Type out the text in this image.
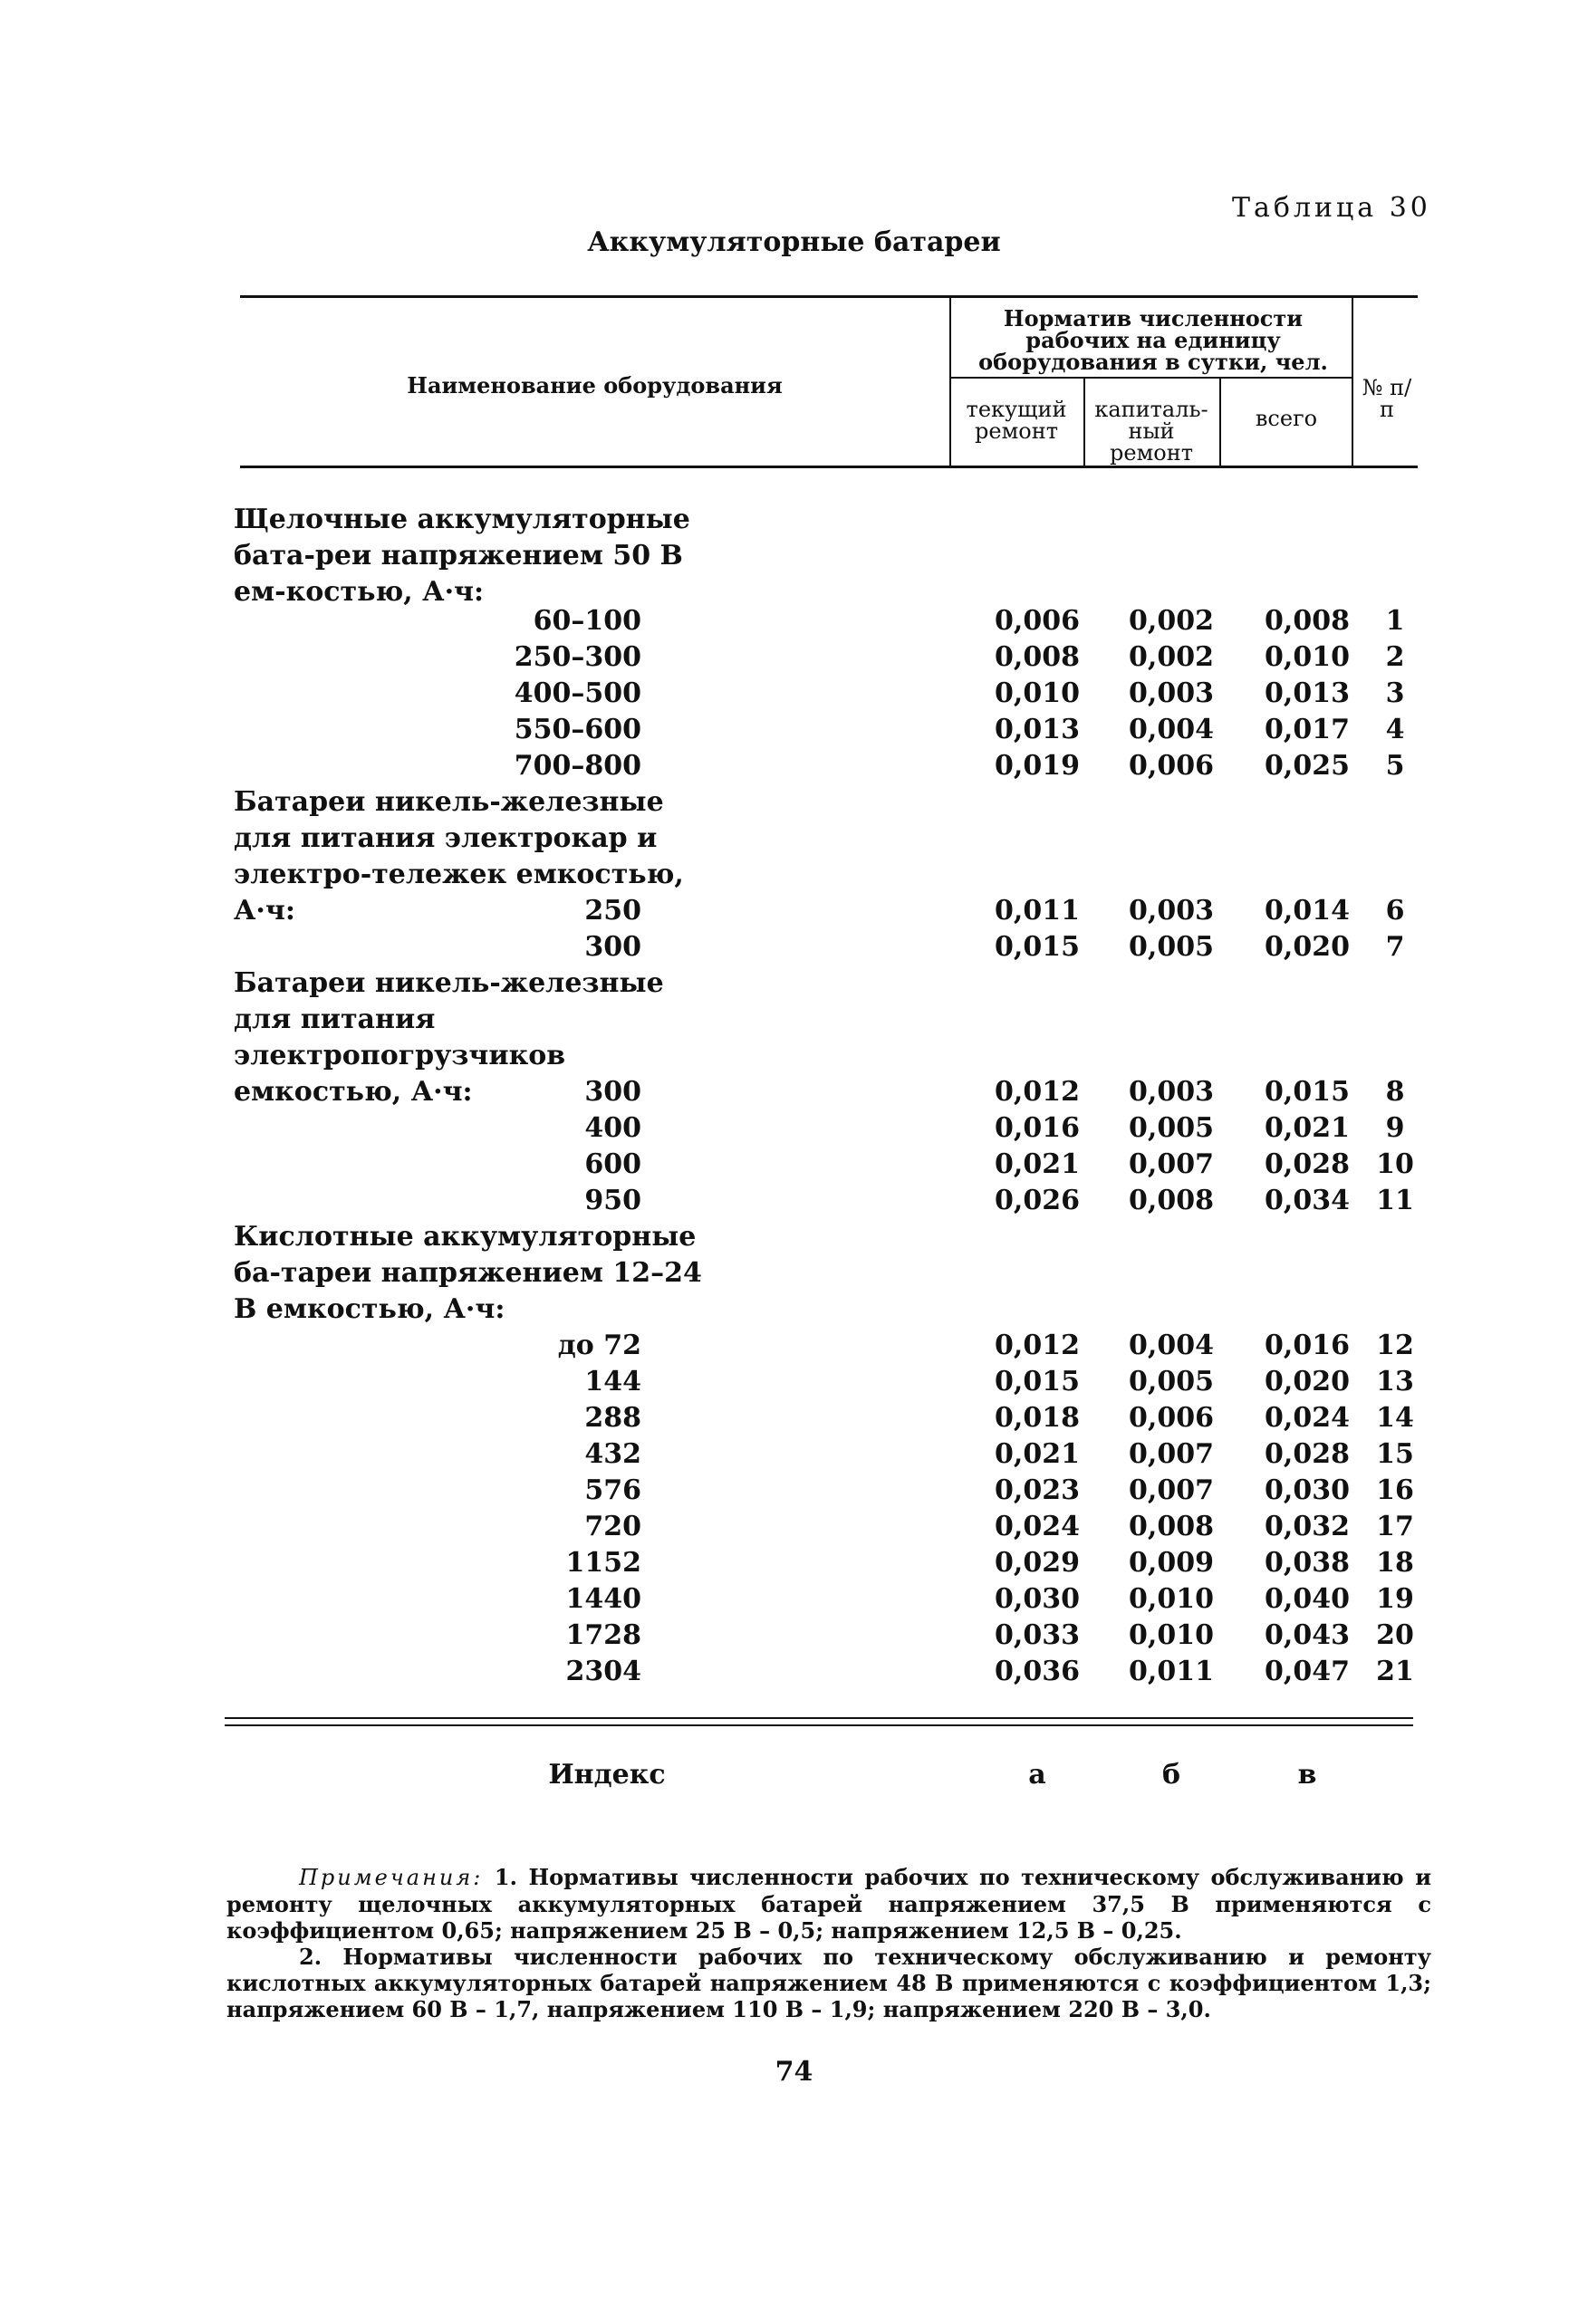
Таблица 30
Аккумуляторные батареи
Наименование оборудования
Норматив численности рабочих на единицу оборудования в сутки, чел.
текущий ремонт
капиталь-ный ремонт
всего
№ п/п
Щелочные аккумуляторные бата-реи напряжением 50 В ем-костью, А·ч:
60–100	0,006	0,002	0,008	1
250–300	0,008	0,002	0,010	2
400–500	0,010	0,003	0,013	3
550–600	0,013	0,004	0,017	4
700–800	0,019	0,006	0,025	5
Батареи никель-железные для питания электрокар и электро-тележек емкостью, А·ч:	250	0,011	0,003	0,014	6
300	0,015	0,005	0,020	7
Батареи никель-железные для питания электропогрузчиков емкостью, А·ч:	300	0,012	0,003	0,015	8
400	0,016	0,005	0,021	9
600	0,021	0,007	0,028 10
950	0,026	0,008	0,034 11
Кислотные аккумуляторные ба-тареи напряжением 12–24 В емкостью, А·ч:
до 72	0,012	0,004	0,016 12
144	0,015	0,005	0,020 13
288	0,018	0,006	0,024 14
432	0,021	0,007	0,028 15
576	0,023	0,007	0,030 16
720	0,024	0,008	0,032 17
1152	0,029	0,009	0,038 18
1440	0,030	0,010	0,040 19
1728	0,033	0,010	0,043 20
2304	0,036	0,011	0,047 21
Индекс	а	б	в

Примечания: 1. Нормативы численности рабочих по техническому обслуживанию и ремонту щелочных аккумуляторных батарей напряжением 37,5 В применяются с коэффициентом 0,65; напряжением 25 В – 0,5; напряжением 12,5 В – 0,25.

2. Нормативы численности рабочих по техническому обслуживанию и ремонту кислотных аккумуляторных батарей напряжением 48 В применяются с коэффициентом 1,3; напряжением 60 В – 1,7, напряжением 110 В – 1,9; напряжением 220 В – 3,0.

74
